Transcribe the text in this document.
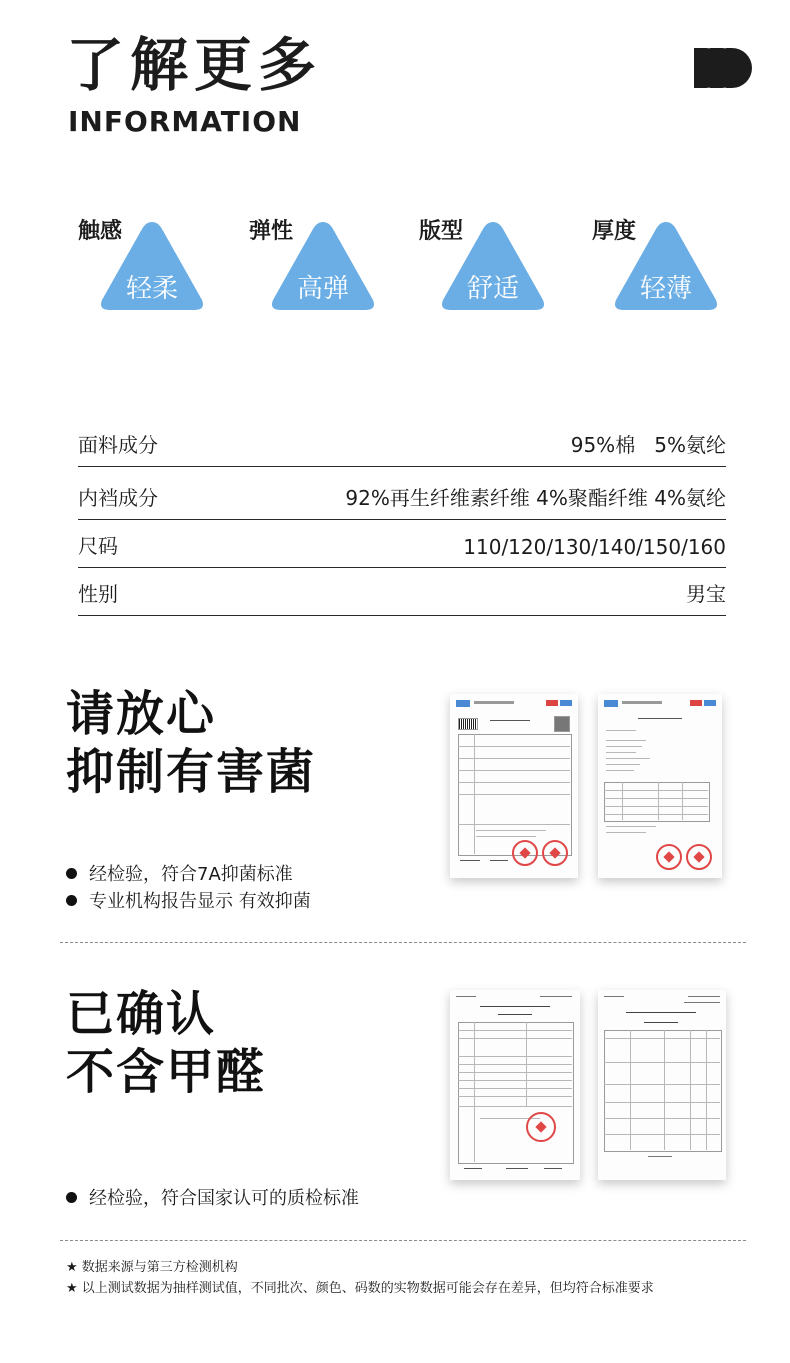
了解更多
INFORMATION
触感
轻柔
弹性
高弹
版型
舒适
厚度
轻薄
面料成分	95%棉   5%氨纶
内裆成分	92%再生纤维素纤维 4%聚酯纤维 4%氨纶
尺码	110/120/130/140/150/160
性别	男宝
请放心
抑制有害菌
经检验，符合7A抑菌标准
专业机构报告显示 有效抑菌
已确认
不含甲醛
经检验，符合国家认可的质检标准
★ 数据来源与第三方检测机构
★ 以上测试数据为抽样测试值，不同批次、颜色、码数的实物数据可能会存在差异，但均符合标准要求
